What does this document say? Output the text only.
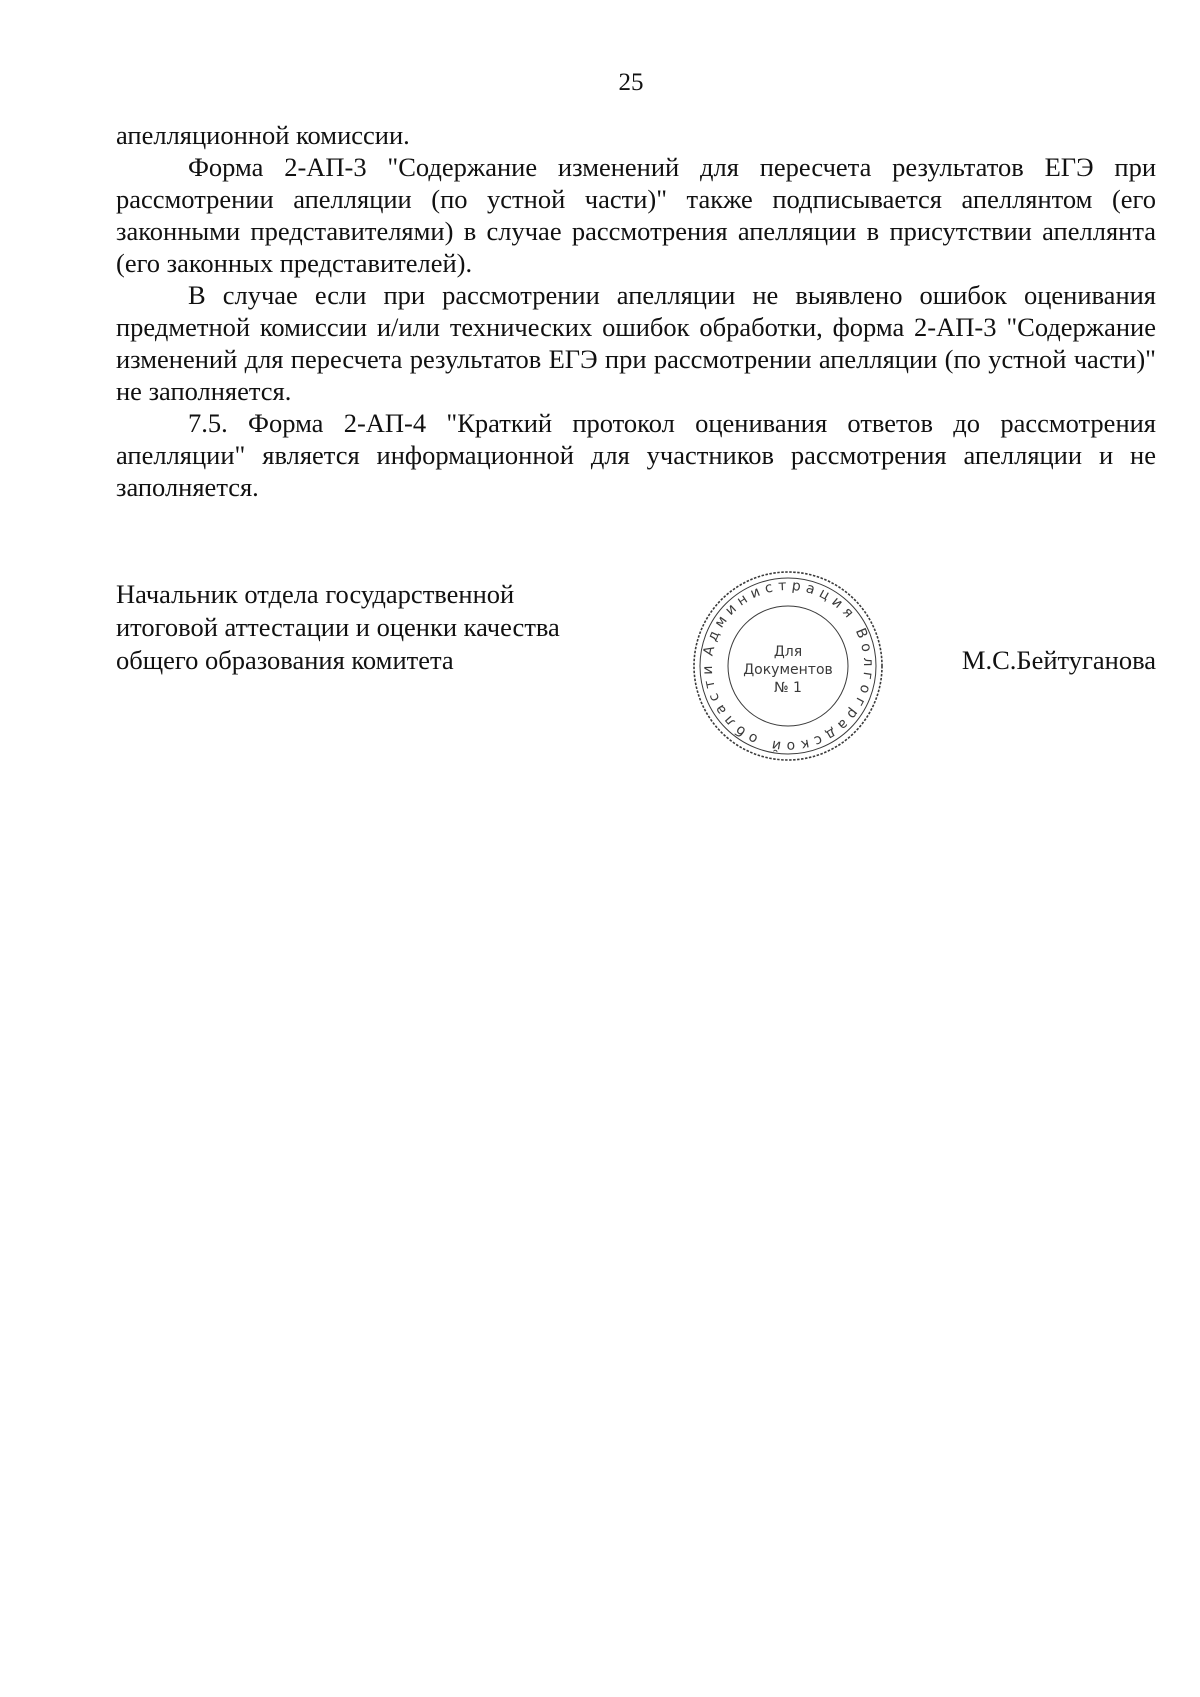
25

апелляционной комиссии.

Форма 2-АП-3 "Содержание изменений для пересчета результатов ЕГЭ при рассмотрении апелляции (по устной части)" также подписывается апеллянтом (его законными представителями) в случае рассмотрения апелляции в присутствии апеллянта (его законных представителей).

В случае если при рассмотрении апелляции не выявлено ошибок оценивания предметной комиссии и/или технических ошибок обработки, форма 2-АП-3 "Содержание изменений для пересчета результатов ЕГЭ при рассмотрении апелляции (по устной части)" не заполняется.

7.5. Форма 2-АП-4 "Краткий протокол оценивания ответов до рассмотрения апелляции" является информационной для участников рассмотрения апелляции и не заполняется.

Начальник отдела государственной
итоговой аттестации и оценки качества
общего образования комитета	Администрация Волгоградской области
Для
Документов
№ 1
М.С.Бейтуганова
